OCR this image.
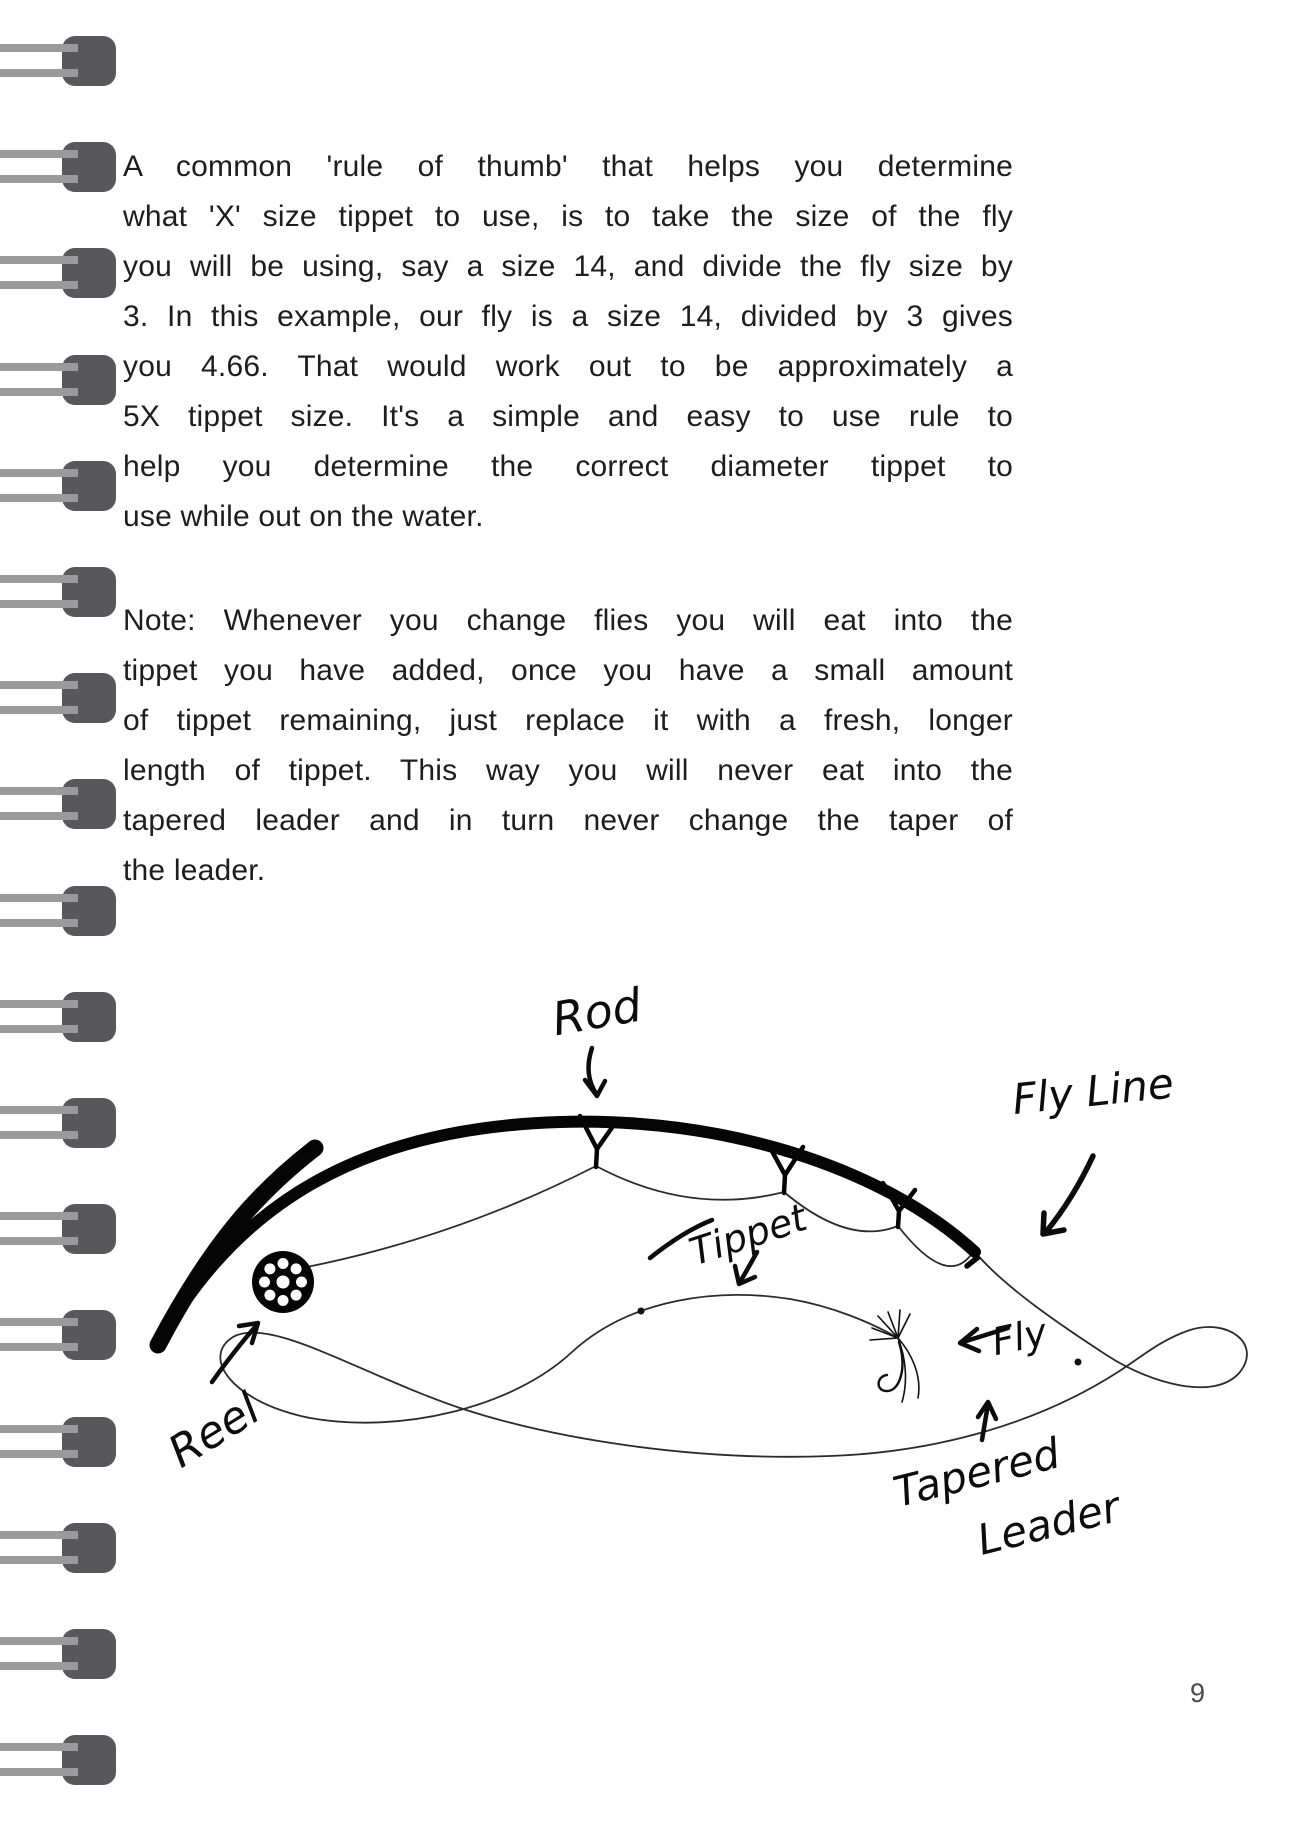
A common 'rule of thumb' that helps you determine
what 'X' size tippet to use, is to take the size of the fly
you will be using, say a size 14, and divide the fly size by
3. In this example, our fly is a size 14, divided by 3 gives
you 4.66. That would work out to be approximately a
5X tippet size. It's a simple and easy to use rule to
help you determine the correct diameter tippet to
use while out on the water.
Note: Whenever you change flies you will eat into the
tippet you have added, once you have a small amount
of tippet remaining, just replace it with a fresh, longer
length of tippet. This way you will never eat into the
tapered leader and in turn never change the taper of
the leader.
Rod
Fly Line
Tippet
Fly
Reel	Tapered
Leader
9
